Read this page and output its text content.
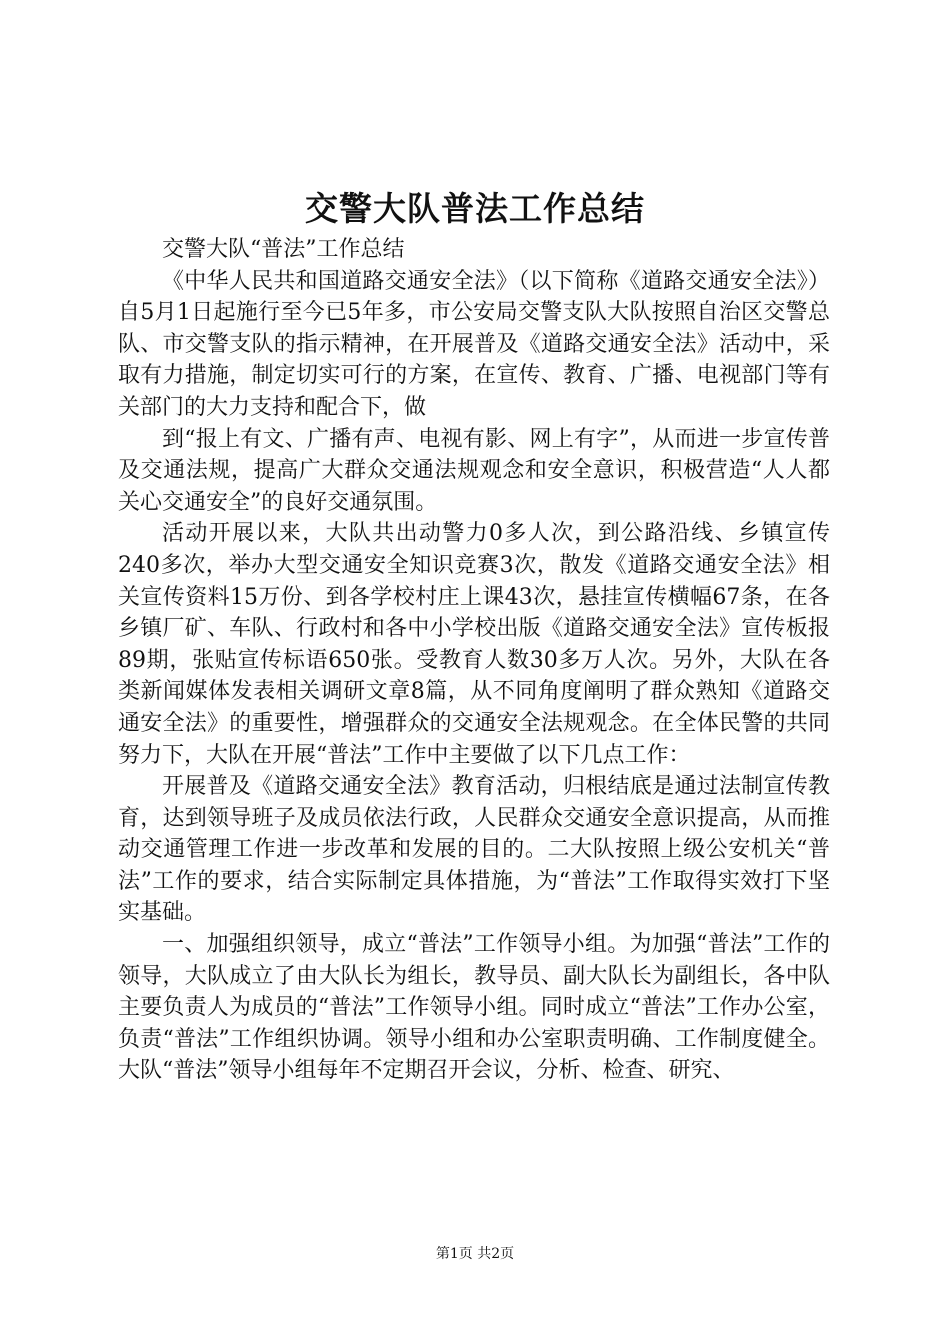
交警大队普法工作总结

交警大队“普法”工作总结

《中华人民共和国道路交通安全法》（以下简称《道路交通安全法》）自5月1日起施行至今已5年多，市公安局交警支队大队按照自治区交警总队、市交警支队的指示精神，在开展普及《道路交通安全法》活动中，采取有力措施，制定切实可行的方案，在宣传、教育、广播、电视部门等有关部门的大力支持和配合下，做

到“报上有文、广播有声、电视有影、网上有字”，从而进一步宣传普及交通法规，提高广大群众交通法规观念和安全意识，积极营造“人人都关心交通安全”的良好交通氛围。

活动开展以来，大队共出动警力0多人次，到公路沿线、乡镇宣传240多次，举办大型交通安全知识竞赛3次，散发《道路交通安全法》相关宣传资料15万份、到各学校村庄上课43次，悬挂宣传横幅67条，在各乡镇厂矿、车队、行政村和各中小学校出版《道路交通安全法》宣传板报89期，张贴宣传标语650张。受教育人数30多万人次。另外，大队在各类新闻媒体发表相关调研文章8篇，从不同角度阐明了群众熟知《道路交通安全法》的重要性，增强群众的交通安全法规观念。在全体民警的共同努力下，大队在开展“普法”工作中主要做了以下几点工作：

开展普及《道路交通安全法》教育活动，归根结底是通过法制宣传教育，达到领导班子及成员依法行政，人民群众交通安全意识提高，从而推动交通管理工作进一步改革和发展的目的。二大队按照上级公安机关“普法”工作的要求，结合实际制定具体措施，为“普法”工作取得实效打下坚实基础。

一、加强组织领导，成立“普法”工作领导小组。为加强“普法”工作的领导，大队成立了由大队长为组长，教导员、副大队长为副组长，各中队主要负责人为成员的“普法”工作领导小组。同时成立“普法”工作办公室，负责“普法”工作组织协调。领导小组和办公室职责明确、工作制度健全。大队“普法”领导小组每年不定期召开会议，分析、检查、研究、

第1页 共2页
